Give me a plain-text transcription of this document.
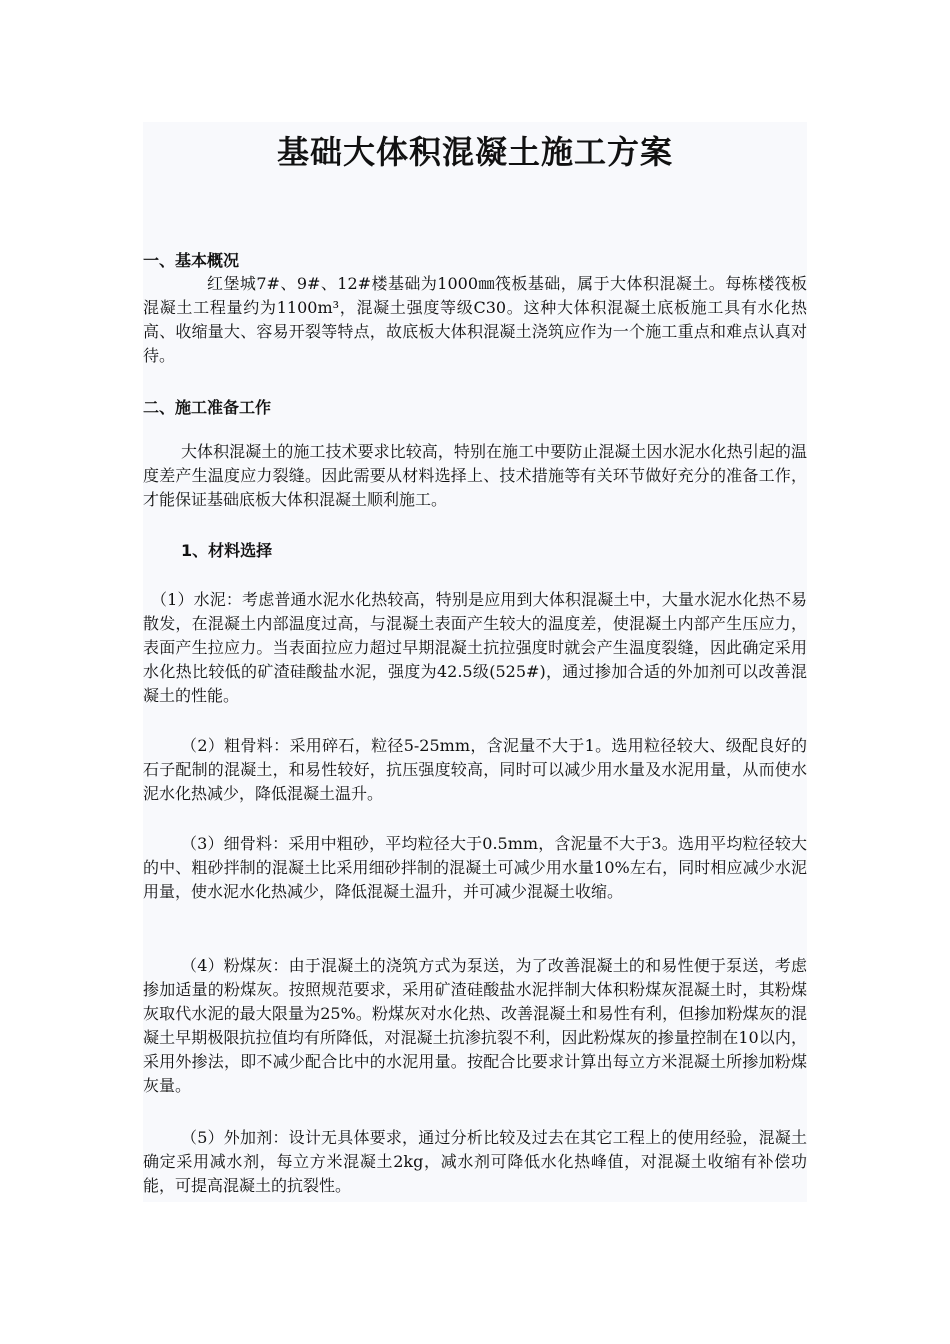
基础大体积混凝土施工方案
一、基本概况

红堡城7#、9#、12#楼基础为1000㎜筏板基础，属于大体积混凝土。每栋楼筏板混凝土工程量约为1100m³，混凝土强度等级C30。这种大体积混凝土底板施工具有水化热高、收缩量大、容易开裂等特点，故底板大体积混凝土浇筑应作为一个施工重点和难点认真对待。

二、施工准备工作

大体积混凝土的施工技术要求比较高，特别在施工中要防止混凝土因水泥水化热引起的温度差产生温度应力裂缝。因此需要从材料选择上、技术措施等有关环节做好充分的准备工作，才能保证基础底板大体积混凝土顺利施工。

1、材料选择

（1）水泥：考虑普通水泥水化热较高，特别是应用到大体积混凝土中，大量水泥水化热不易散发，在混凝土内部温度过高，与混凝土表面产生较大的温度差，使混凝土内部产生压应力，表面产生拉应力。当表面拉应力超过早期混凝土抗拉强度时就会产生温度裂缝，因此确定采用水化热比较低的矿渣硅酸盐水泥，强度为42.5级(525#)，通过掺加合适的外加剂可以改善混凝土的性能。

（2）粗骨料：采用碎石，粒径5-25mm，含泥量不大于1。选用粒径较大、级配良好的石子配制的混凝土，和易性较好，抗压强度较高，同时可以减少用水量及水泥用量，从而使水泥水化热减少，降低混凝土温升。

（3）细骨料：采用中粗砂，平均粒径大于0.5mm，含泥量不大于3。选用平均粒径较大的中、粗砂拌制的混凝土比采用细砂拌制的混凝土可减少用水量10%左右，同时相应减少水泥用量，使水泥水化热减少，降低混凝土温升，并可减少混凝土收缩。

（4）粉煤灰：由于混凝土的浇筑方式为泵送，为了改善混凝土的和易性便于泵送，考虑掺加适量的粉煤灰。按照规范要求，采用矿渣硅酸盐水泥拌制大体积粉煤灰混凝土时，其粉煤灰取代水泥的最大限量为25%。粉煤灰对水化热、改善混凝土和易性有利，但掺加粉煤灰的混凝土早期极限抗拉值均有所降低，对混凝土抗渗抗裂不利，因此粉煤灰的掺量控制在10以内，采用外掺法，即不减少配合比中的水泥用量。按配合比要求计算出每立方米混凝土所掺加粉煤灰量。

（5）外加剂：设计无具体要求，通过分析比较及过去在其它工程上的使用经验，混凝土确定采用减水剂，每立方米混凝土2kg，减水剂可降低水化热峰值，对混凝土收缩有补偿功能，可提高混凝土的抗裂性。
